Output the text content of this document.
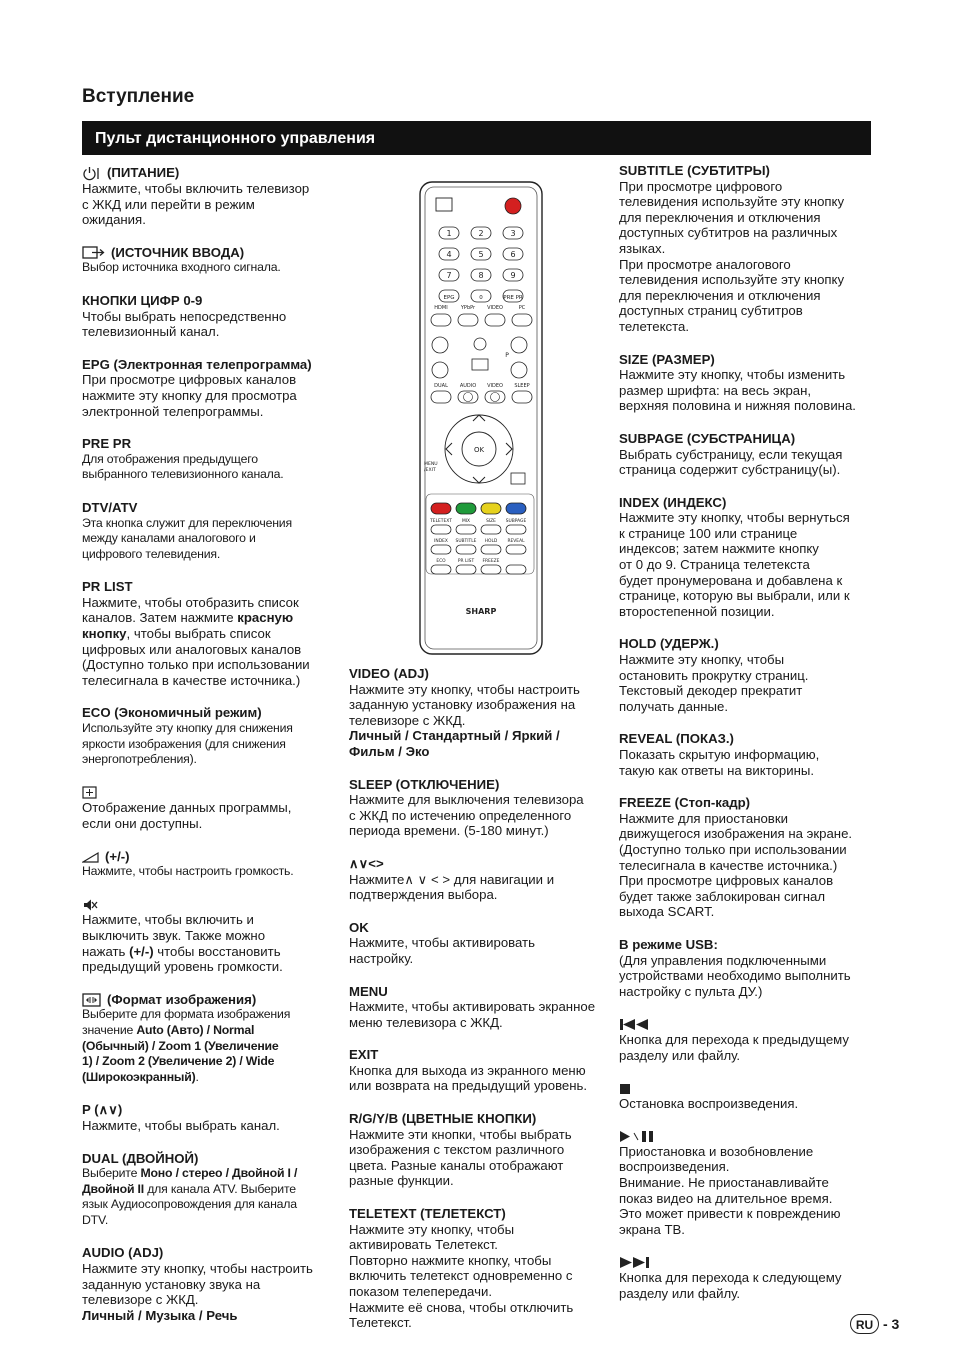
Вступление
Пульт дистанционного управления
(ПИТАНИЕ)

Нажмите, чтобы включить телевизор
с ЖКД или перейти в режим
ожидания.

(ИСТОЧНИК ВВОДА)

Выбор источника входного сигнала.

КНОПКИ ЦИФР 0-9

Чтобы выбрать непосредственно
телевизионный канал.

EPG (Электронная телепрограмма)

При просмотре цифровых каналов
нажмите эту кнопку для просмотра
электронной телепрограммы.

PRE PR

Для отображения предыдущего
выбранного телевизионного канала.

DTV/ATV

Эта кнопка служит для переключения
между каналами аналогового и
цифрового телевидения.

PR LIST

Нажмите, чтобы отобразить список
каналов. Затем нажмите красную
кнопку, чтобы выбрать список
цифровых или аналоговых каналов
(Доступно только при использовании
телесигнала в качестве источника.)

ECO (Экономичный режим)

Используйте эту кнопку для снижения
яркости изображения (для снижения
энергопотребления).

Отображение данных программы,
если они доступны.

(+/-)

Нажмите, чтобы настроить громкость.

Нажмите, чтобы включить и
выключить звук. Также можно
нажать (+/-) чтобы восстановить
предыдущий уровень громкости.

(Формат изображения)

Выберите для формата изображения
значение Auto (Авто) / Normal
(Обычный) / Zoom 1 (Увеличение
1) / Zoom 2 (Увеличение 2) / Wide
(Широкоэкранный).

P (∧∨)

Нажмите, чтобы выбрать канал.

DUAL (ДВОЙНОЙ)

Выберите Моно / стерео / Двойной I /
Двойной II для канала ATV. Выберите
язык Аудиосопровождения для канала
DTV.

AUDIO (ADJ)

Нажмите эту кнопку, чтобы настроить
заданную установку звука на
телевизоре с ЖКД.

Личный / Музыка / Речь

VIDEO (ADJ)

Нажмите эту кнопку, чтобы настроить
заданную установку изображения на
телевизоре с ЖКД.

Личный / Стандартный / Яркий /
Фильм / Эко

SLEEP (ОТКЛЮЧЕНИЕ)

Нажмите для выключения телевизора
с ЖКД по истечению определенного
периода времени. (5-180 минут.)

∧∨<>

Нажмите∧ ∨ < > для навигации и
подтверждения выбора.

OK

Нажмите, чтобы активировать
настройку.

MENU

Нажмите, чтобы активировать экранное
меню телевизора с ЖКД.

EXIT

Кнопка для выхода из экранного меню
или возврата на предыдущий уровень.

R/G/Y/B (ЦВЕТНЫЕ КНОПКИ)

Нажмите эти кнопки, чтобы выбрать
изображения с текстом различного
цвета. Разные каналы отображают
разные функции.

TELETEXT (ТЕЛЕТЕКСТ)

Нажмите эту кнопку, чтобы
активировать Телетекст.
Повторно нажмите кнопку, чтобы
включить телетекст одновременно с
показом телепередачи.
Нажмите её снова, чтобы отключить
Телетекст.

SUBTITLE (СУБТИТРЫ)

При просмотре цифрового
телевидения используйте эту кнопку
для переключения и отключения
доступных субтитров на различных
языках.
При просмотре аналогового
телевидения используйте эту кнопку
для переключения и отключения
доступных страниц субтитров
телетекста.

SIZE (РАЗМЕР)

Нажмите эту кнопку, чтобы изменить
размер шрифта: на весь экран,
верхняя половина и нижняя половина.

SUBPAGE (СУБСТРАНИЦА)

Выбрать субстраницу, если текущая
страница содержит субстраницу(ы).

INDEX (ИНДЕКС)

Нажмите эту кнопку, чтобы вернуться
к странице 100 или странице
индексов; затем нажмите кнопку
от 0 до 9. Страница телетекста
будет пронумерована и добавлена к
странице, которую вы выбрали, или к
второстепенной позиции.

HOLD (УДЕРЖ.)

Нажмите эту кнопку, чтобы
остановить прокрутку страниц.
Текстовый декодер прекратит
получать данные.

REVEAL (ПОКАЗ.)

Показать скрытую информацию,
такую как ответы на викторины.

FREEZE (Стоп-кадр)

Нажмите для приостановки
движущегося изображения на экране.
(Доступно только при использовании
телесигнала в качестве источника.)
При просмотре цифровых каналов
будет также заблокирован сигнал
выхода SCART.

В режиме USB:

(Для управления подключенными
устройствами необходимо выполнить
настройку с пульта ДУ.)

Кнопка для перехода к предыдущему
разделу или файлу.

Остановка воспроизведения.

Приостановка и возобновление
воспроизведения.
Внимание. Не приостанавливайте
показ видео на длительное время.
Это может привести к повреждению
экрана ТВ.

Кнопка для перехода к следующему
разделу или файлу.

1	2	3
4	5	6
7	8	9
EPG	0	PRE PR
HDMI	YPbPr VIDEO	PC
P
DUAL AUDIO VIDEO SLEEP
OK
MENU
/EXIT
TELETEXT MIX	SIZE SUBPAGE
INDEX SUBTITLE HOLD REVEAL
ECO	PR LIST FREEZE
SHARP
RU - 3
